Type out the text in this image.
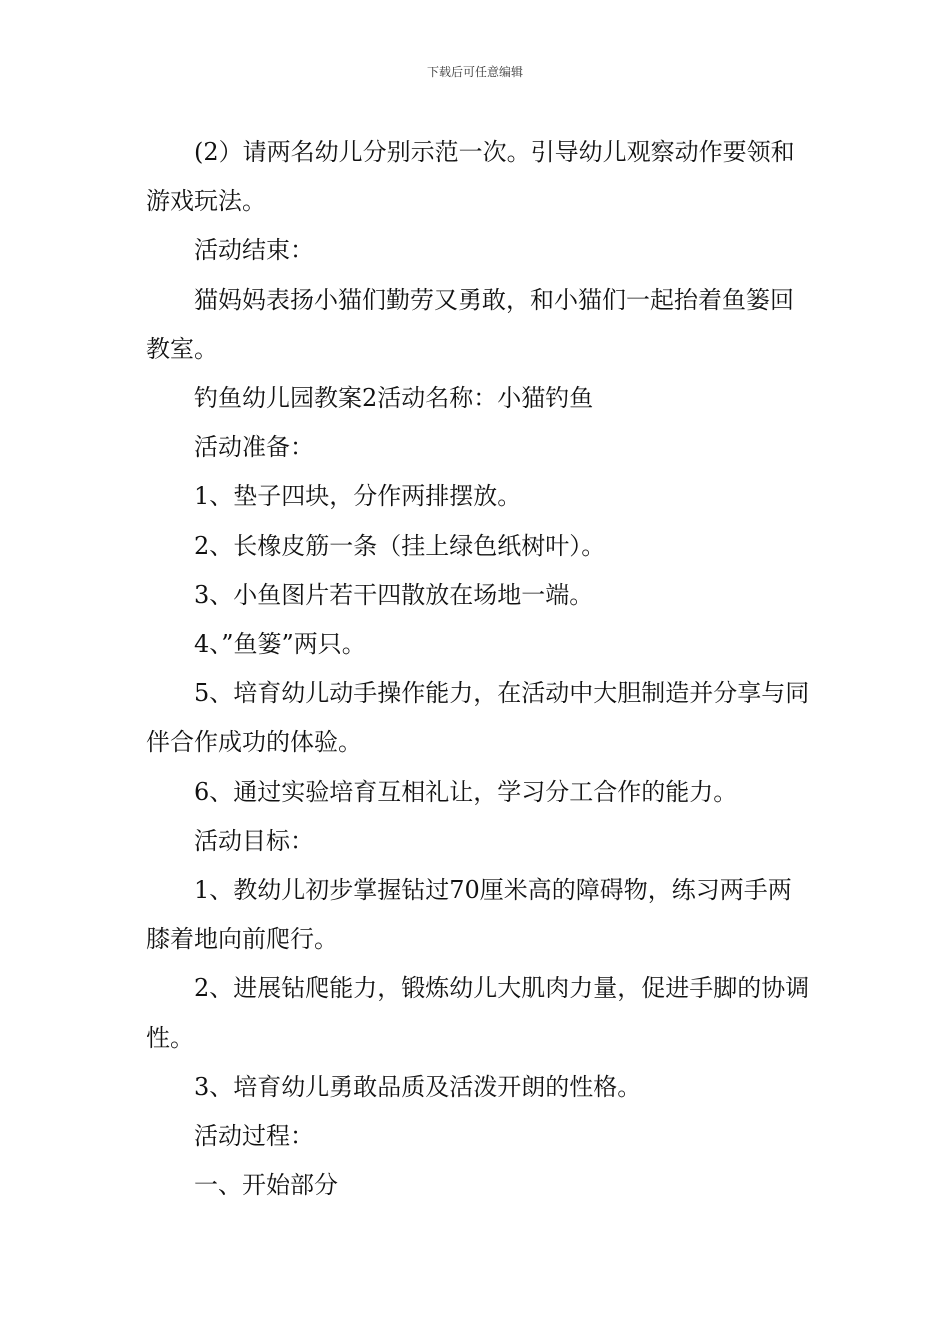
下载后可任意编辑

(2）请两名幼儿分别示范一次。引导幼儿观察动作要领和游戏玩法。

活动结束：

猫妈妈表扬小猫们勤劳又勇敢，和小猫们一起抬着鱼篓回教室。

钓鱼幼儿园教案2活动名称：小猫钓鱼

活动准备：

1、垫子四块，分作两排摆放。

2、长橡皮筋一条（挂上绿色纸树叶）。

3、小鱼图片若干四散放在场地一端。

4、”鱼篓”两只。

5、培育幼儿动手操作能力，在活动中大胆制造并分享与同伴合作成功的体验。

6、通过实验培育互相礼让，学习分工合作的能力。

活动目标：

1、教幼儿初步掌握钻过70厘米高的障碍物，练习两手两膝着地向前爬行。

2、进展钻爬能力，锻炼幼儿大肌肉力量，促进手脚的协调性。

3、培育幼儿勇敢品质及活泼开朗的性格。

活动过程：

一、开始部分
